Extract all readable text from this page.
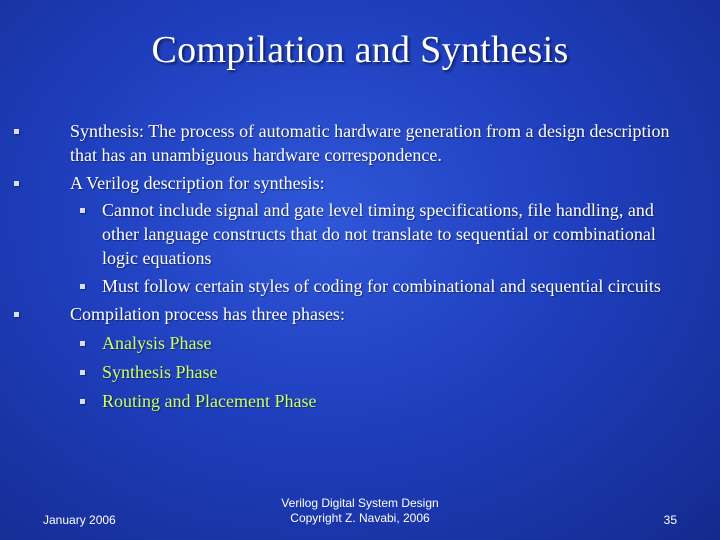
Compilation and Synthesis
Synthesis: The process of automatic hardware generation from a design description that has an unambiguous hardware correspondence.
A Verilog description for synthesis:
Cannot include signal and gate level timing specifications, file handling, and other language constructs that do not translate to sequential or combinational logic equations
Must follow certain styles of coding for combinational and sequential circuits
Compilation process has three phases:
Analysis Phase
Synthesis Phase
Routing and Placement Phase
January 2006
Verilog Digital System Design
Copyright Z. Navabi, 2006	35
